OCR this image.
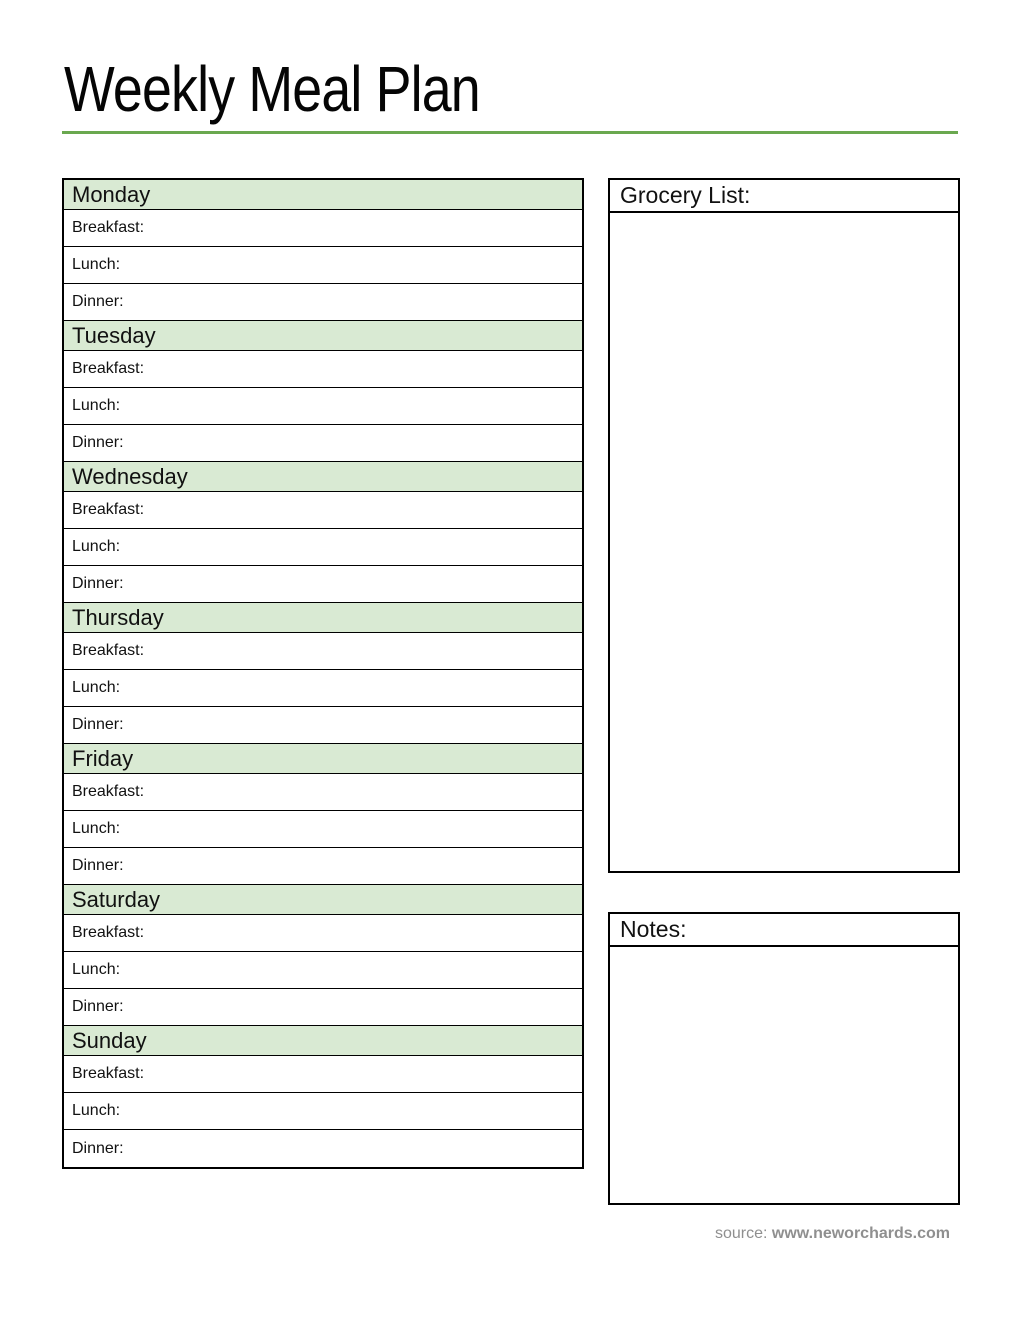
Weekly Meal Plan
Monday
Breakfast:
Lunch:
Dinner:
Tuesday
Breakfast:
Lunch:
Dinner:
Wednesday
Breakfast:
Lunch:
Dinner:
Thursday
Breakfast:
Lunch:
Dinner:
Friday
Breakfast:
Lunch:
Dinner:
Saturday
Breakfast:
Lunch:
Dinner:
Sunday
Breakfast:
Lunch:
Dinner:
Grocery List:
Notes:
source: www.neworchards.com
